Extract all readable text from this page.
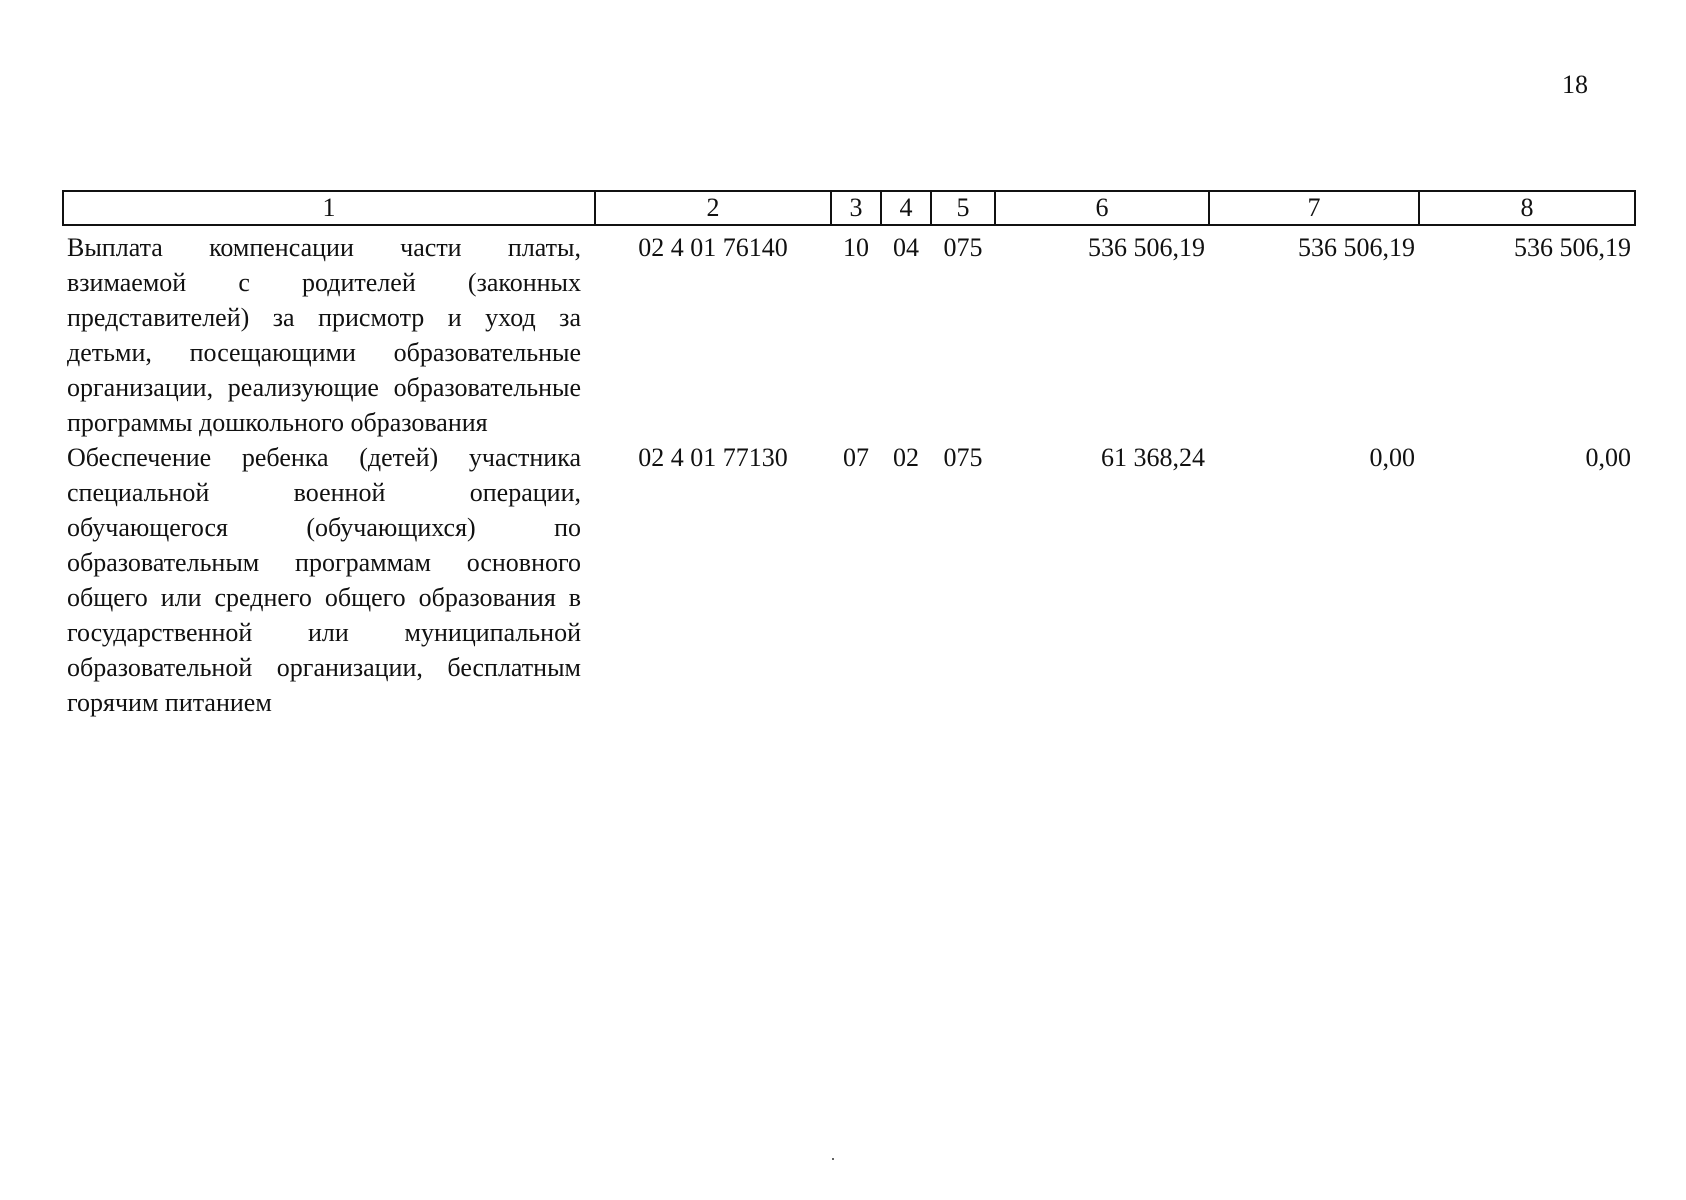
18
1	2	3	4	5	6	7	8
Выплата компенсации части платы, взимаемой с родителей (законных представителей) за присмотр и уход за детьми, посещающими образовательные организации, реализующие образовательные программы дошкольного образования	02 4 01 76140	10	04	075	536 506,19	536 506,19	536 506,19
Обеспечение ребенка (детей) участника специальной военной операции, обучающегося (обучающихся) по образовательным программам основного общего или среднего общего образования в государственной или муниципальной образовательной организации, бесплатным горячим питанием	02 4 01 77130	07	02	075	61 368,24	0,00	0,00
